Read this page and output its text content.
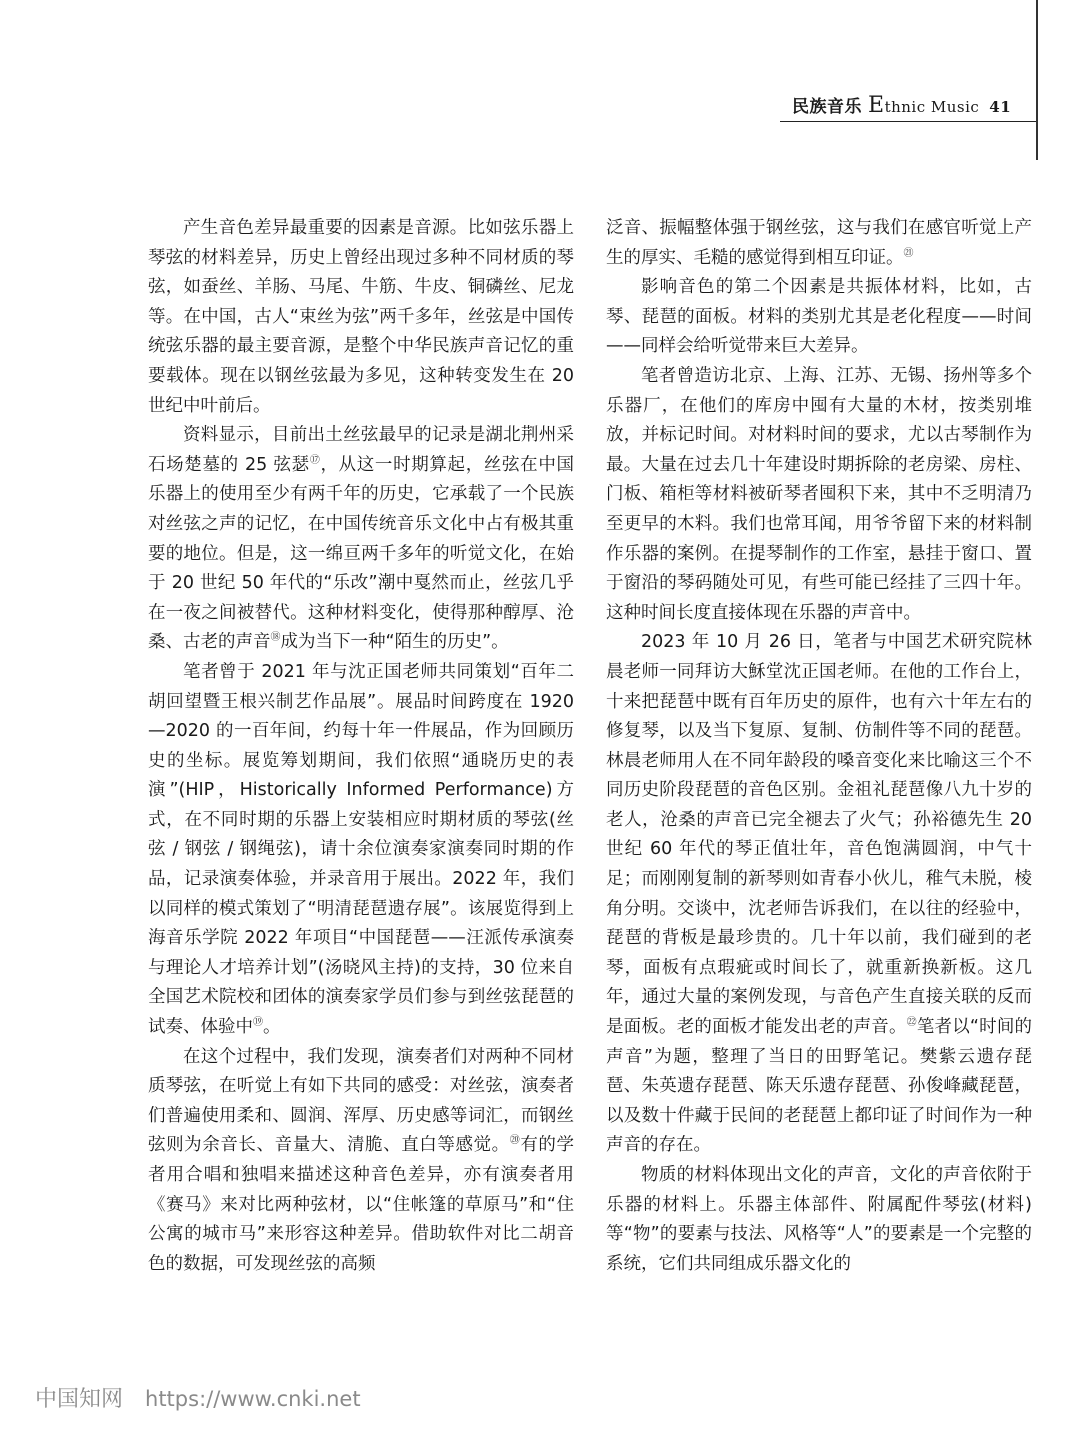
民族音乐 Ethnic Music 41

产生音色差异最重要的因素是音源。比如弦乐器上琴弦的材料差异，历史上曾经出现过多种不同材质的琴弦，如蚕丝、羊肠、马尾、牛筋、牛皮、铜磷丝、尼龙等。在中国，古人“束丝为弦”两千多年，丝弦是中国传统弦乐器的最主要音源，是整个中华民族声音记忆的重要载体。现在以钢丝弦最为多见，这种转变发生在 20 世纪中叶前后。

资料显示，目前出土丝弦最早的记录是湖北荆州采石场楚墓的 25 弦瑟⑰，从这一时期算起，丝弦在中国乐器上的使用至少有两千年的历史，它承载了一个民族对丝弦之声的记忆，在中国传统音乐文化中占有极其重要的地位。但是，这一绵亘两千多年的听觉文化，在始于 20 世纪 50 年代的“乐改”潮中戛然而止，丝弦几乎在一夜之间被替代。这种材料变化，使得那种醇厚、沧桑、古老的声音⑱成为当下一种“陌生的历史”。

笔者曾于 2021 年与沈正国老师共同策划“百年二胡回望暨王根兴制艺作品展”。展品时间跨度在 1920—2020 的一百年间，约每十年一件展品，作为回顾历史的坐标。展览筹划期间，我们依照“通晓历史的表演”(HIP，Historically Informed Performance)方式，在不同时期的乐器上安装相应时期材质的琴弦(丝弦 / 钢弦 / 钢绳弦)，请十余位演奏家演奏同时期的作品，记录演奏体验，并录音用于展出。2022 年，我们以同样的模式策划了“明清琵琶遗存展”。该展览得到上海音乐学院 2022 年项目“中国琵琶——汪派传承演奏与理论人才培养计划”(汤晓风主持)的支持，30 位来自全国艺术院校和团体的演奏家学员们参与到丝弦琵琶的试奏、体验中⑲。

在这个过程中，我们发现，演奏者们对两种不同材质琴弦，在听觉上有如下共同的感受：对丝弦，演奏者们普遍使用柔和、圆润、浑厚、历史感等词汇，而钢丝弦则为余音长、音量大、清脆、直白等感觉。⑳有的学者用合唱和独唱来描述这种音色差异，亦有演奏者用《赛马》来对比两种弦材，以“住帐篷的草原马”和“住公寓的城市马”来形容这种差异。借助软件对比二胡音色的数据，可发现丝弦的高频

泛音、振幅整体强于钢丝弦，这与我们在感官听觉上产生的厚实、毛糙的感觉得到相互印证。$^㉑$

影响音色的第二个因素是共振体材料，比如，古琴、琵琶的面板。材料的类别尤其是老化程度——时间——同样会给听觉带来巨大差异。

笔者曾造访北京、上海、江苏、无锡、扬州等多个乐器厂，在他们的库房中囤有大量的木材，按类别堆放，并标记时间。对材料时间的要求，尤以古琴制作为最。大量在过去几十年建设时期拆除的老房梁、房柱、门板、箱柜等材料被斫琴者囤积下来，其中不乏明清乃至更早的木料。我们也常耳闻，用爷爷留下来的材料制作乐器的案例。在提琴制作的工作室，悬挂于窗口、置于窗沿的琴码随处可见，有些可能已经挂了三四十年。这种时间长度直接体现在乐器的声音中。

2023 年 10 月 26 日，笔者与中国艺术研究院林晨老师一同拜访大穌堂沈正国老师。在他的工作台上，十来把琵琶中既有百年历史的原件，也有六十年左右的修复琴，以及当下复原、复制、仿制件等不同的琵琶。林晨老师用人在不同年龄段的嗓音变化来比喻这三个不同历史阶段琵琶的音色区别。金祖礼琵琶像八九十岁的老人，沧桑的声音已完全褪去了火气；孙裕德先生 20 世纪 60 年代的琴正值壮年，音色饱满圆润，中气十足；而刚刚复制的新琴则如青春小伙儿，稚气未脱，棱角分明。交谈中，沈老师告诉我们，在以往的经验中，琵琶的背板是最珍贵的。几十年以前，我们碰到的老琴，面板有点瑕疵或时间长了，就重新换新板。这几年，通过大量的案例发现，与音色产生直接关联的反而是面板。老的面板才能发出老的声音。$^㉒$笔者以“时间的声音”为题，整理了当日的田野笔记。樊紫云遗存琵琶、朱英遗存琵琶、陈天乐遗存琵琶、孙俊峰藏琵琶，以及数十件藏于民间的老琵琶上都印证了时间作为一种声音的存在。

物质的材料体现出文化的声音，文化的声音依附于乐器的材料上。乐器主体部件、附属配件琴弦(材料)等“物”的要素与技法、风格等“人”的要素是一个完整的系统，它们共同组成乐器文化的

中国知网 https://www.cnki.net
